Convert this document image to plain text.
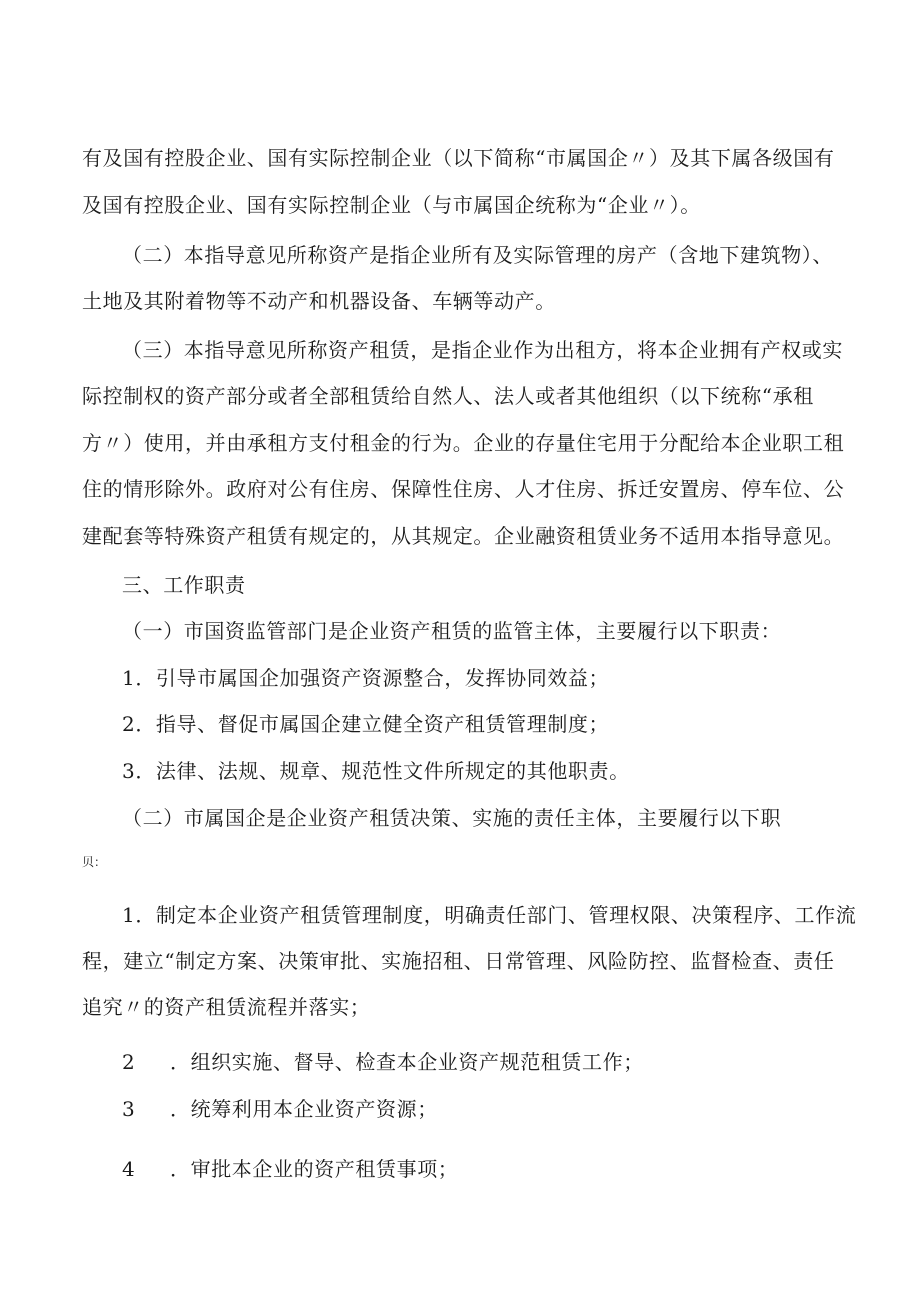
有及国有控股企业、国有实际控制企业（以下简称“市属国企〃）及其下属各级国有

及国有控股企业、国有实际控制企业（与市属国企统称为“企业〃）。

（二）本指导意见所称资产是指企业所有及实际管理的房产（含地下建筑物）、

土地及其附着物等不动产和机器设备、车辆等动产。

（三）本指导意见所称资产租赁，是指企业作为出租方，将本企业拥有产权或实

际控制权的资产部分或者全部租赁给自然人、法人或者其他组织（以下统称“承租

方〃）使用，并由承租方支付租金的行为。企业的存量住宅用于分配给本企业职工租

住的情形除外。政府对公有住房、保障性住房、人才住房、拆迁安置房、停车位、公

建配套等特殊资产租赁有规定的，从其规定。企业融资租赁业务不适用本指导意见。

三、工作职责

（一）市国资监管部门是企业资产租赁的监管主体，主要履行以下职责：

1．引导市属国企加强资产资源整合，发挥协同效益；

2．指导、督促市属国企建立健全资产租赁管理制度；

3．法律、法规、规章、规范性文件所规定的其他职责。

（二）市属国企是企业资产租赁决策、实施的责任主体，主要履行以下职

贝：

1．制定本企业资产租赁管理制度，明确责任部门、管理权限、决策程序、工作流

程，建立“制定方案、决策审批、实施招租、日常管理、风险防控、监督检查、责任

追究〃的资产租赁流程并落实；

2 ．组织实施、督导、检查本企业资产规范租赁工作；

3 ．统筹利用本企业资产资源；

4 ．审批本企业的资产租赁事项；
